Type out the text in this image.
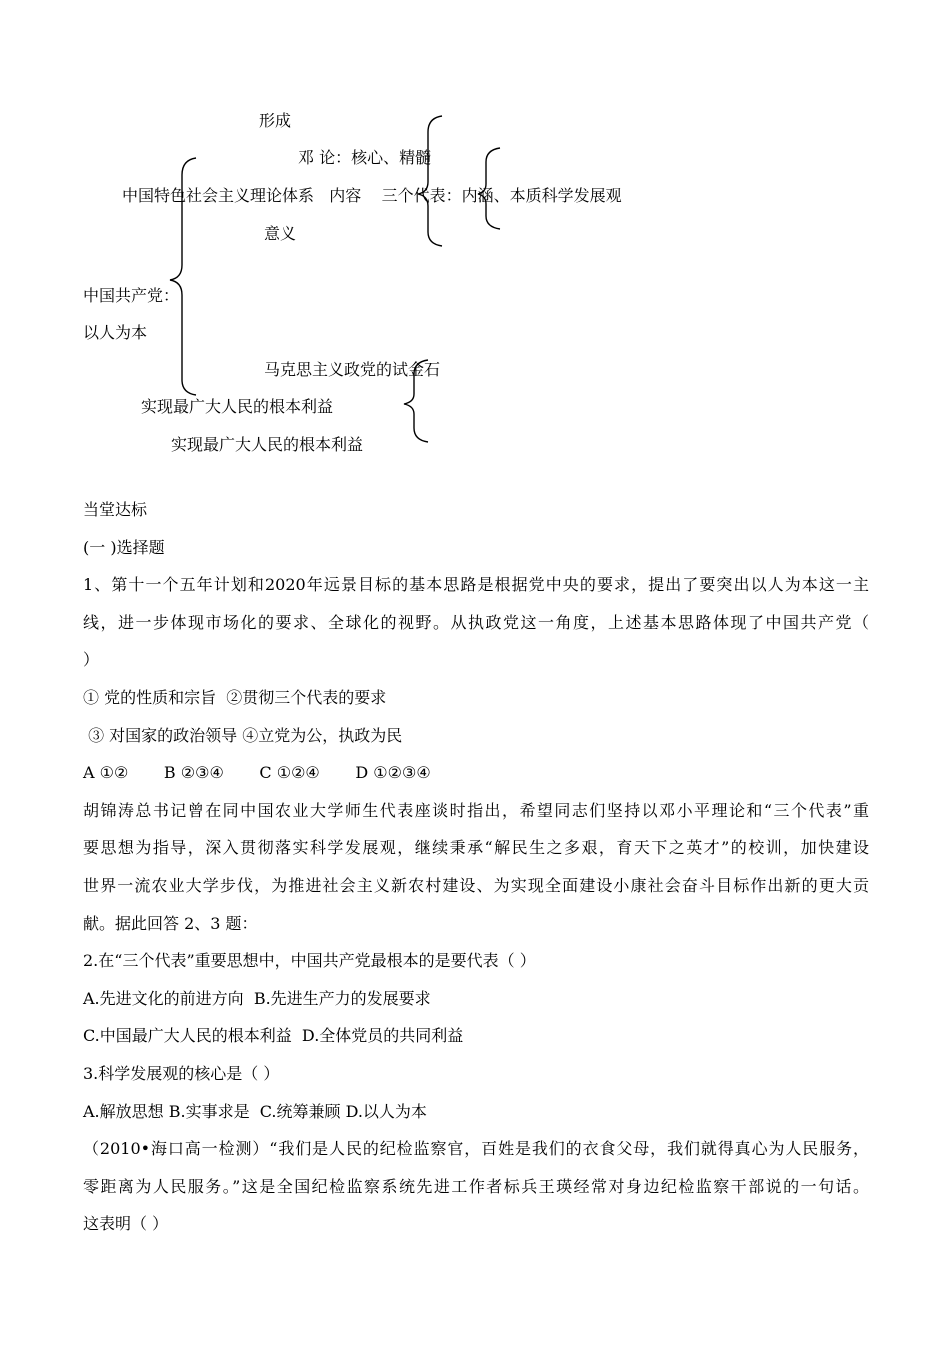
形成
邓 论：核心、精髓
中国特色社会主义理论体系   内容    三个代表：内涵、本质科学发展观
意义
中国共产党：
以人为本
马克思主义政党的试金石
实现最广大人民的根本利益
实现最广大人民的根本利益
当堂达标
(一 )选择题
1、第十一个五年计划和2020年远景目标的基本思路是根据党中央的要求，提出了要突出以人为本这一主
线，进一步体现市场化的要求、全球化的视野。从执政党这一角度，上述基本思路体现了中国共产党（
）
① 党的性质和宗旨  ②贯彻三个代表的要求
③ 对国家的政治领导 ④立党为公，执政为民
A ①②       B ②③④       C ①②④       D ①②③④
胡锦涛总书记曾在同中国农业大学师生代表座谈时指出，希望同志们坚持以邓小平理论和“三个代表”重
要思想为指导，深入贯彻落实科学发展观，继续秉承“解民生之多艰，育天下之英才”的校训，加快建设
世界一流农业大学步伐，为推进社会主义新农村建设、为实现全面建设小康社会奋斗目标作出新的更大贡
献。据此回答 2、3 题：
2.在“三个代表”重要思想中，中国共产党最根本的是要代表（ ）
A.先进文化的前进方向  B.先进生产力的发展要求
C.中国最广大人民的根本利益  D.全体党员的共同利益
3.科学发展观的核心是（ ）
A.解放思想 B.实事求是  C.统筹兼顾 D.以人为本
（2010•海口高一检测）“我们是人民的纪检监察官，百姓是我们的衣食父母，我们就得真心为人民服务，
零距离为人民服务。”这是全国纪检监察系统先进工作者标兵王瑛经常对身边纪检监察干部说的一句话。
这表明（ ）
